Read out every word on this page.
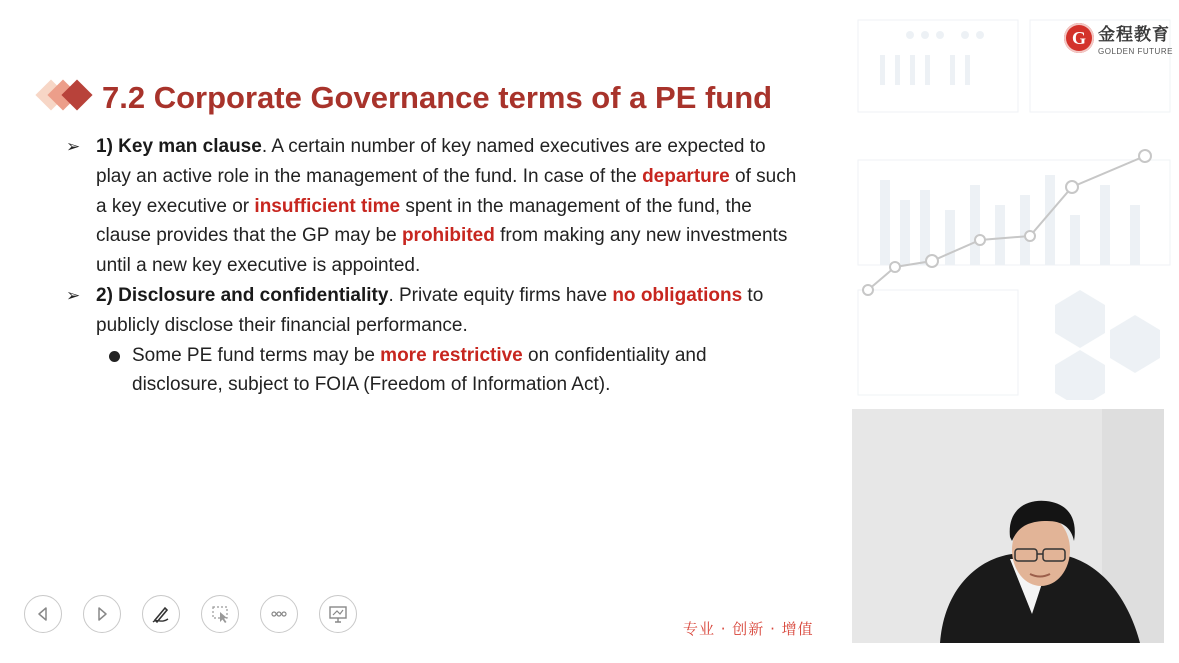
G 金程教育
GOLDEN FUTURE
7.2 Corporate Governance terms of a PE fund
➢ 1) Key man clause. A certain number of key named executives are expected to play an active role in the management of the fund. In case of the departure of such a key executive or insufficient time spent in the management of the fund, the clause provides that the GP may be prohibited from making any new investments until a new key executive is appointed.
➢ 2) Disclosure and confidentiality. Private equity firms have no obligations to publicly disclose their financial performance.
Some PE fund terms may be more restrictive on confidentiality and disclosure, subject to FOIA (Freedom of Information Act).
专业 · 创新 · 增值
